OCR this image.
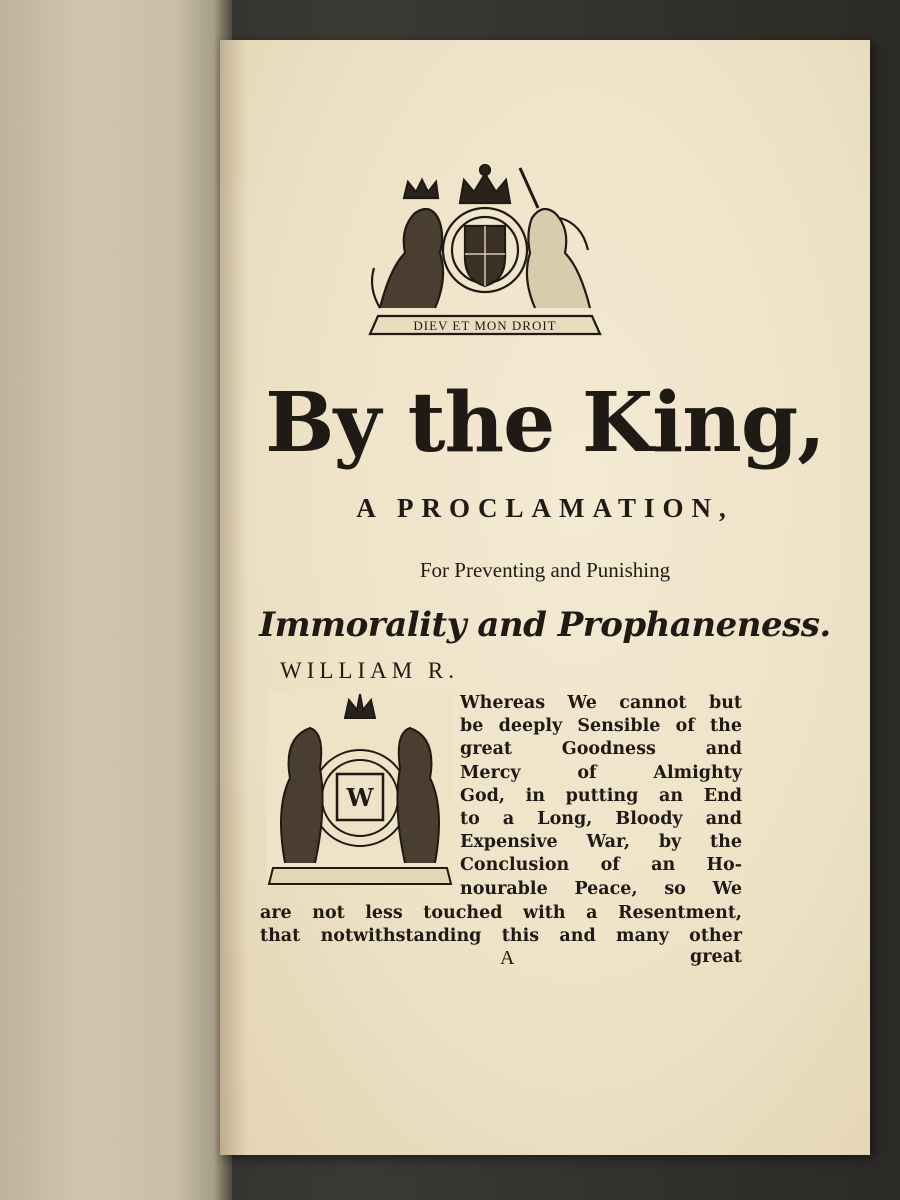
DIEV ET MON DROIT
By the King,
A PROCLAMATION,
For Preventing and Punishing
Immorality and Prophaneness.
WILLIAM R.
W
Whereas We cannot but
be deeply Sensible of the
great Goodness and
Mercy of Almighty
God, in putting an End
to a Long, Bloody and
Expensive War, by the
Conclusion of an Ho-
nourable Peace, so We
are not less touched with a Resentment,
that notwithstanding this and many other
A	great
